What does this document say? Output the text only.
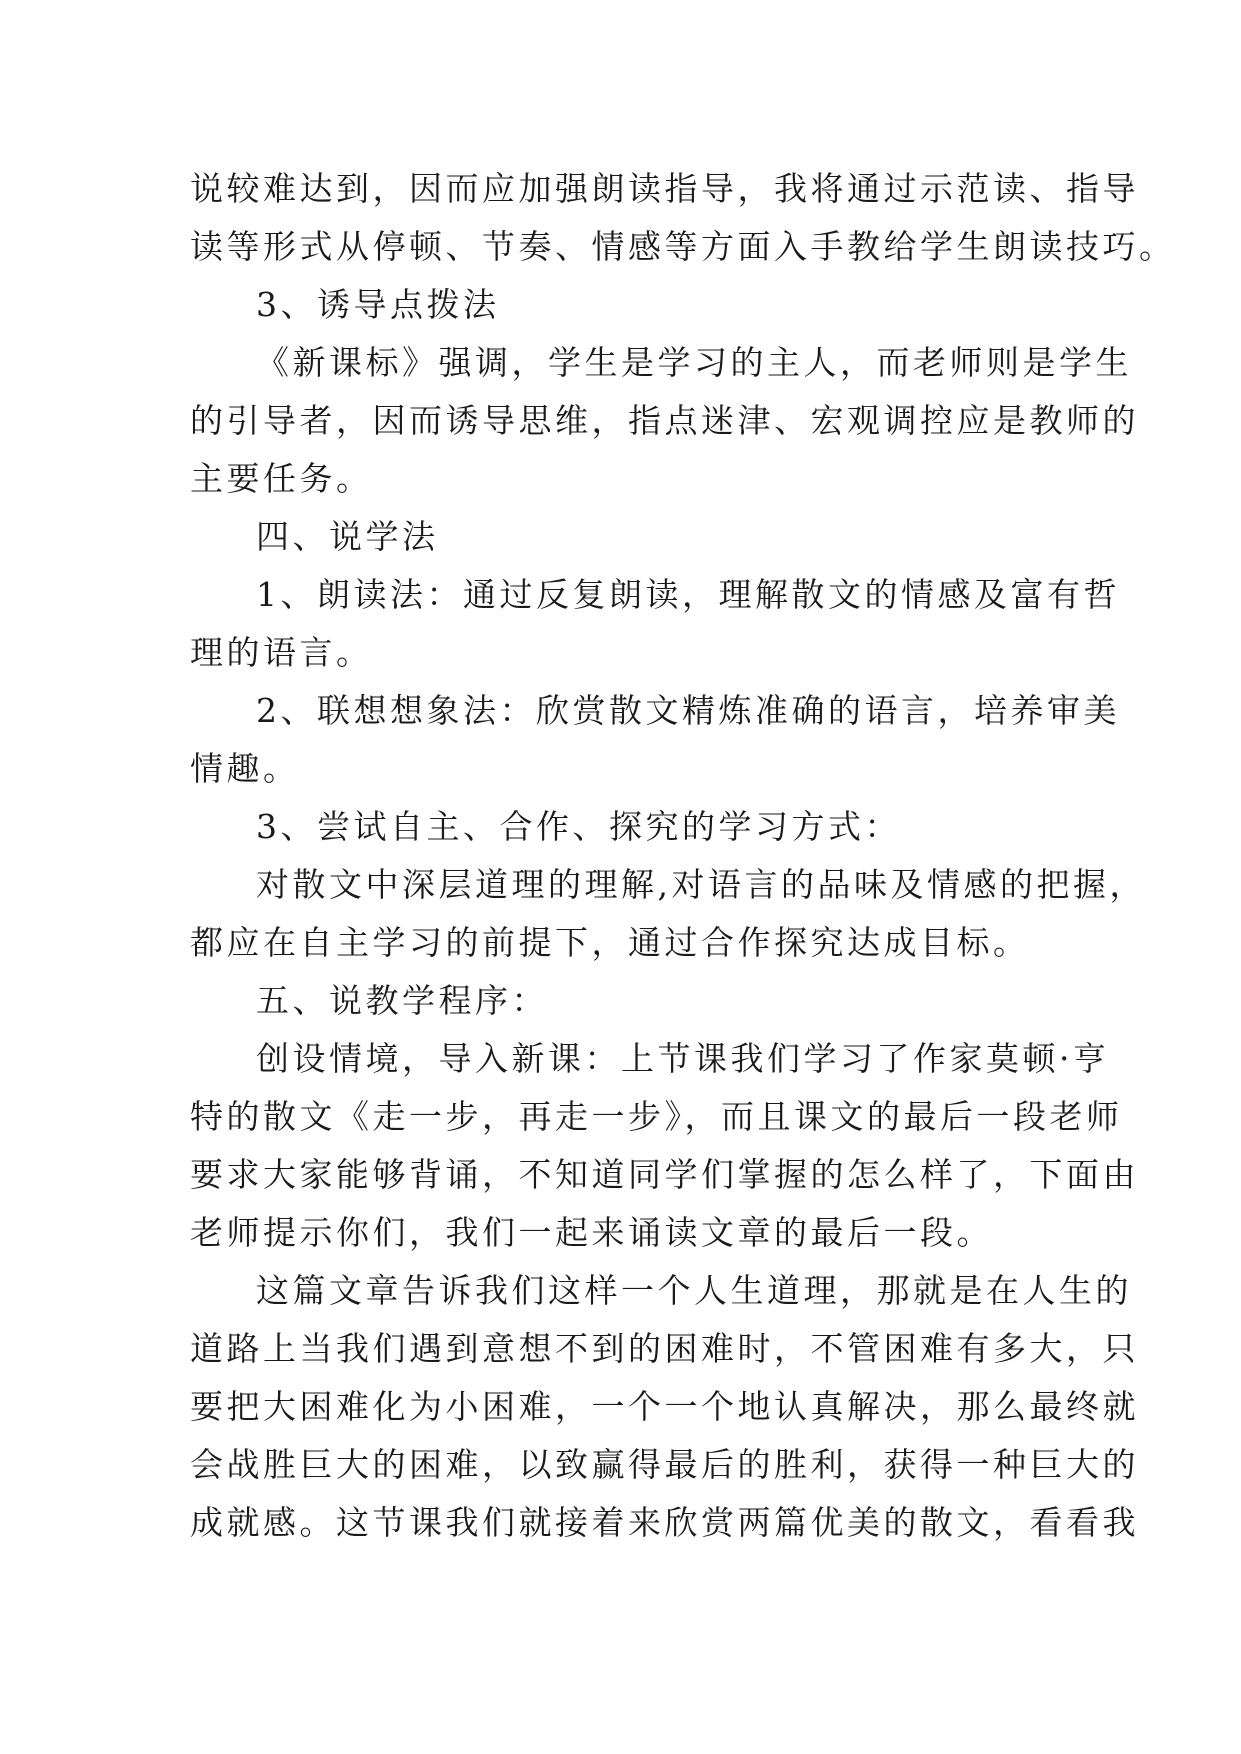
说较难达到，因而应加强朗读指导，我将通过示范读、指导
读等形式从停顿、节奏、情感等方面入手教给学生朗读技巧。
3、诱导点拨法
《新课标》强调，学生是学习的主人，而老师则是学生
的引导者，因而诱导思维，指点迷津、宏观调控应是教师的
主要任务。
四、说学法
1、朗读法：通过反复朗读，理解散文的情感及富有哲
理的语言。
2、联想想象法：欣赏散文精炼准确的语言，培养审美
情趣。
3、尝试自主、合作、探究的学习方式：
对散文中深层道理的理解,对语言的品味及情感的把握，
都应在自主学习的前提下，通过合作探究达成目标。
五、说教学程序：
创设情境，导入新课：上节课我们学习了作家莫顿·亨
特的散文《走一步，再走一步》，而且课文的最后一段老师
要求大家能够背诵，不知道同学们掌握的怎么样了，下面由
老师提示你们，我们一起来诵读文章的最后一段。
这篇文章告诉我们这样一个人生道理，那就是在人生的
道路上当我们遇到意想不到的困难时，不管困难有多大，只
要把大困难化为小困难，一个一个地认真解决，那么最终就
会战胜巨大的困难，以致赢得最后的胜利，获得一种巨大的
成就感。这节课我们就接着来欣赏两篇优美的散文，看看我
